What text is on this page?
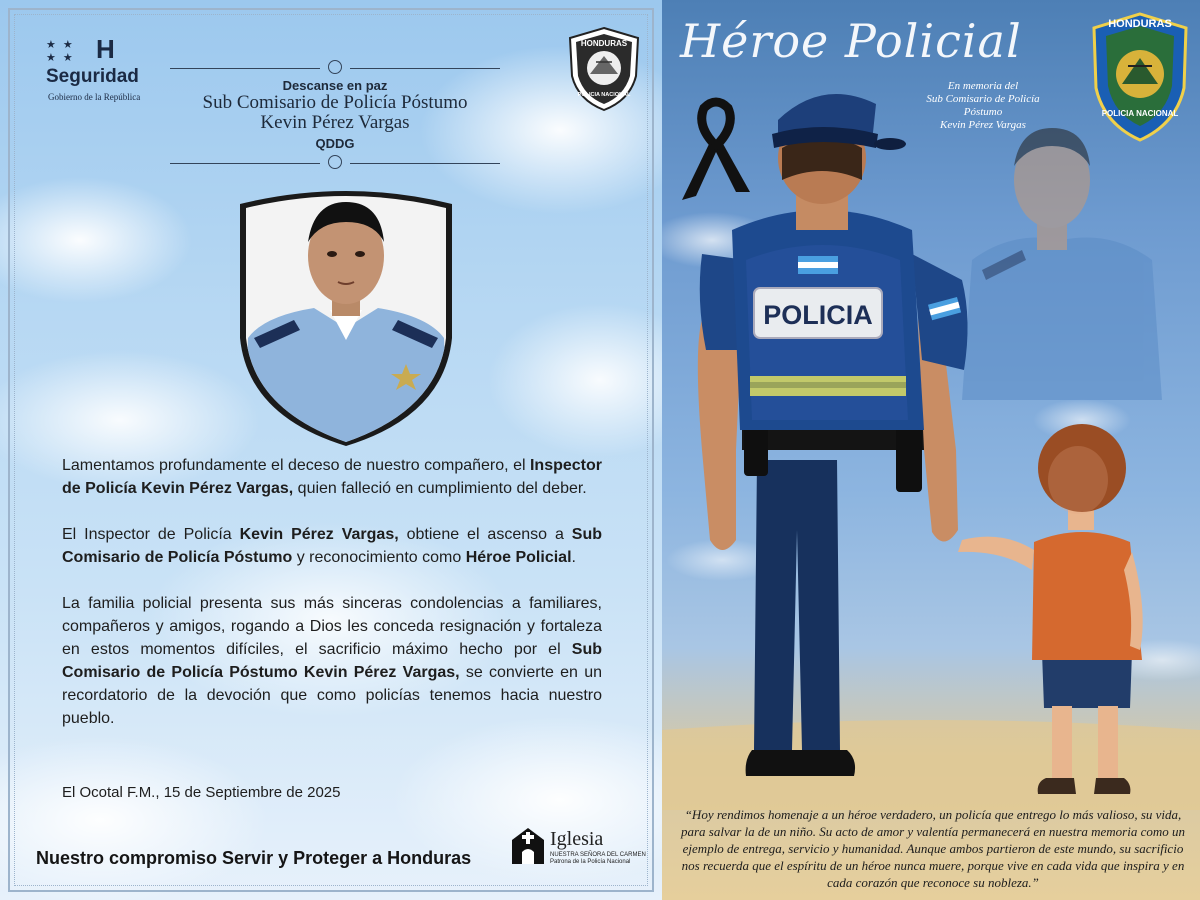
★ ★
★ ★ H
Seguridad
Gobierno de la República
HONDURAS
POLICIA NACIONAL
Descanse en paz
Sub Comisario de Policía Póstumo
Kevin Pérez Vargas
QDDG

Lamentamos profundamente el deceso de nuestro compañero, el Inspector de Policía Kevin Pérez Vargas, quien falleció en cumplimiento del deber.

El Inspector de Policía Kevin Pérez Vargas, obtiene el ascenso a Sub Comisario de Policía Póstumo y reconocimiento como Héroe Policial.

La familia policial presenta sus más sinceras condolencias a familiares, compañeros y amigos, rogando a Dios les conceda resignación y fortaleza en estos momentos difíciles, el sacrificio máximo hecho por el Sub Comisario de Policía Póstumo Kevin Pérez Vargas, se convierte en un recordatorio de la devoción que como policías tenemos hacia nuestro pueblo.

El Ocotal F.M., 15 de Septiembre de 2025
Nuestro compromiso Servir y Proteger a Honduras
Iglesia
NUESTRA SEÑORA DEL CARMEN Patrona de la Policía Nacional
POLICIA
Héroe Policial
En memoria del
Sub Comisario de Policía Póstumo
Kevin Pérez Vargas
HONDURAS
POLICIA NACIONAL
“Hoy rendimos homenaje a un héroe verdadero, un policía que entrego lo más valioso, su vida, para salvar la de un niño. Su acto de amor y valentía permanecerá en nuestra memoria como un ejemplo de entrega, servicio y humanidad. Aunque ambos partieron de este mundo, su sacrificio nos recuerda que el espíritu de un héroe nunca muere, porque vive en cada vida que inspira y en cada corazón que reconoce su nobleza.”
